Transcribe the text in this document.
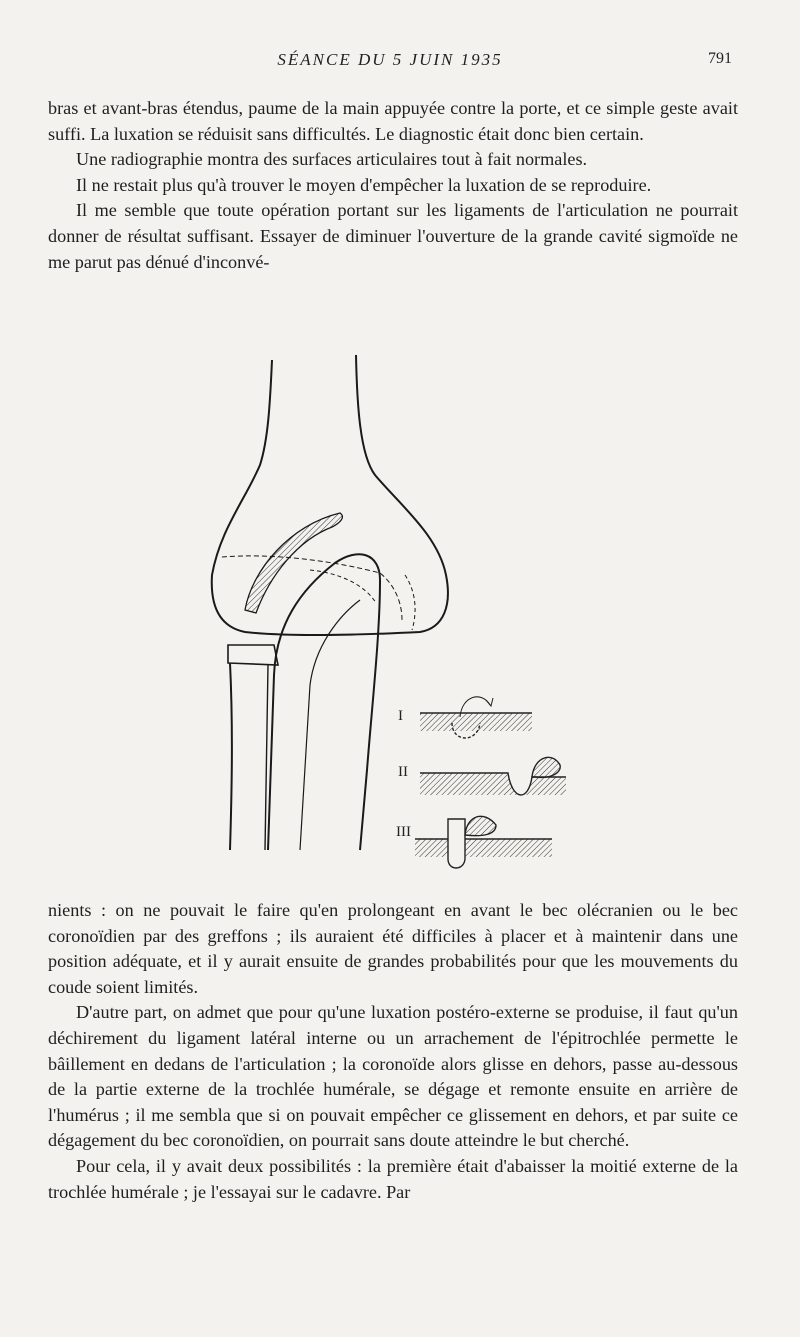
SÉANCE DU 5 JUIN 1935	791

bras et avant-bras étendus, paume de la main appuyée contre la porte, et ce simple geste avait suffi. La luxation se réduisit sans difficultés. Le diagnostic était donc bien certain.

Une radiographie montra des surfaces articulaires tout à fait normales.

Il ne restait plus qu'à trouver le moyen d'empêcher la luxation de se reproduire.

Il me semble que toute opération portant sur les ligaments de l'articulation ne pourrait donner de résultat suffisant. Essayer de diminuer l'ouverture de la grande cavité sigmoïde ne me parut pas dénué d'inconvé-

I
II
III

nients : on ne pouvait le faire qu'en prolongeant en avant le bec olécranien ou le bec coronoïdien par des greffons ; ils auraient été difficiles à placer et à maintenir dans une position adéquate, et il y aurait ensuite de grandes probabilités pour que les mouvements du coude soient limités.

D'autre part, on admet que pour qu'une luxation postéro-externe se produise, il faut qu'un déchirement du ligament latéral interne ou un arrachement de l'épitrochlée permette le bâillement en dedans de l'articulation ; la coronoïde alors glisse en dehors, passe au-dessous de la partie externe de la trochlée humérale, se dégage et remonte ensuite en arrière de l'humérus ; il me sembla que si on pouvait empêcher ce glissement en dehors, et par suite ce dégagement du bec coronoïdien, on pourrait sans doute atteindre le but cherché.

Pour cela, il y avait deux possibilités : la première était d'abaisser la moitié externe de la trochlée humérale ; je l'essayai sur le cadavre. Par
